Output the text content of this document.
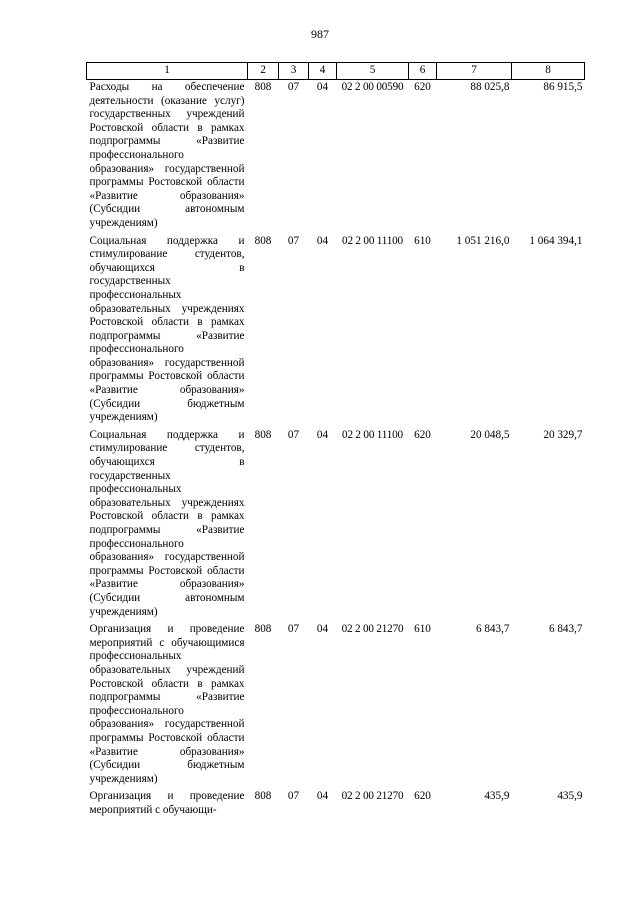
987
1	2	3	4	5	6	7	8
Расходы на обеспечение деятельности (оказание услуг) государственных учреждений Ростовской области в рамках подпрограммы «Развитие профессионального образования» государственной программы Ростовской области «Развитие образования» (Субсидии автономным учреждениям)	808	07	04	02 2 00 00590	620	88 025,8	86 915,5
Социальная поддержка и стимулирование студентов, обучающихся в государственных профессиональных образовательных учреждениях Ростовской области в рамках подпрограммы «Развитие профессионального образования» государственной программы Ростовской области «Развитие образования» (Субсидии бюджетным учреждениям)	808	07	04	02 2 00 11100	610	1 051 216,0	1 064 394,1
Социальная поддержка и стимулирование студентов, обучающихся в государственных профессиональных образовательных учреждениях Ростовской области в рамках подпрограммы «Развитие профессионального образования» государственной программы Ростовской области «Развитие образования» (Субсидии автономным учреждениям)	808	07	04	02 2 00 11100	620	20 048,5	20 329,7
Организация и проведение мероприятий с обучающимися профессиональных образовательных учреждений Ростовской области в рамках подпрограммы «Развитие профессионального образования» государственной программы Ростовской области «Развитие образования» (Субсидии бюджетным учреждениям)	808	07	04	02 2 00 21270	610	6 843,7	6 843,7
Организация и проведение мероприятий с обучающи-	808	07	04	02 2 00 21270	620	435,9	435,9
